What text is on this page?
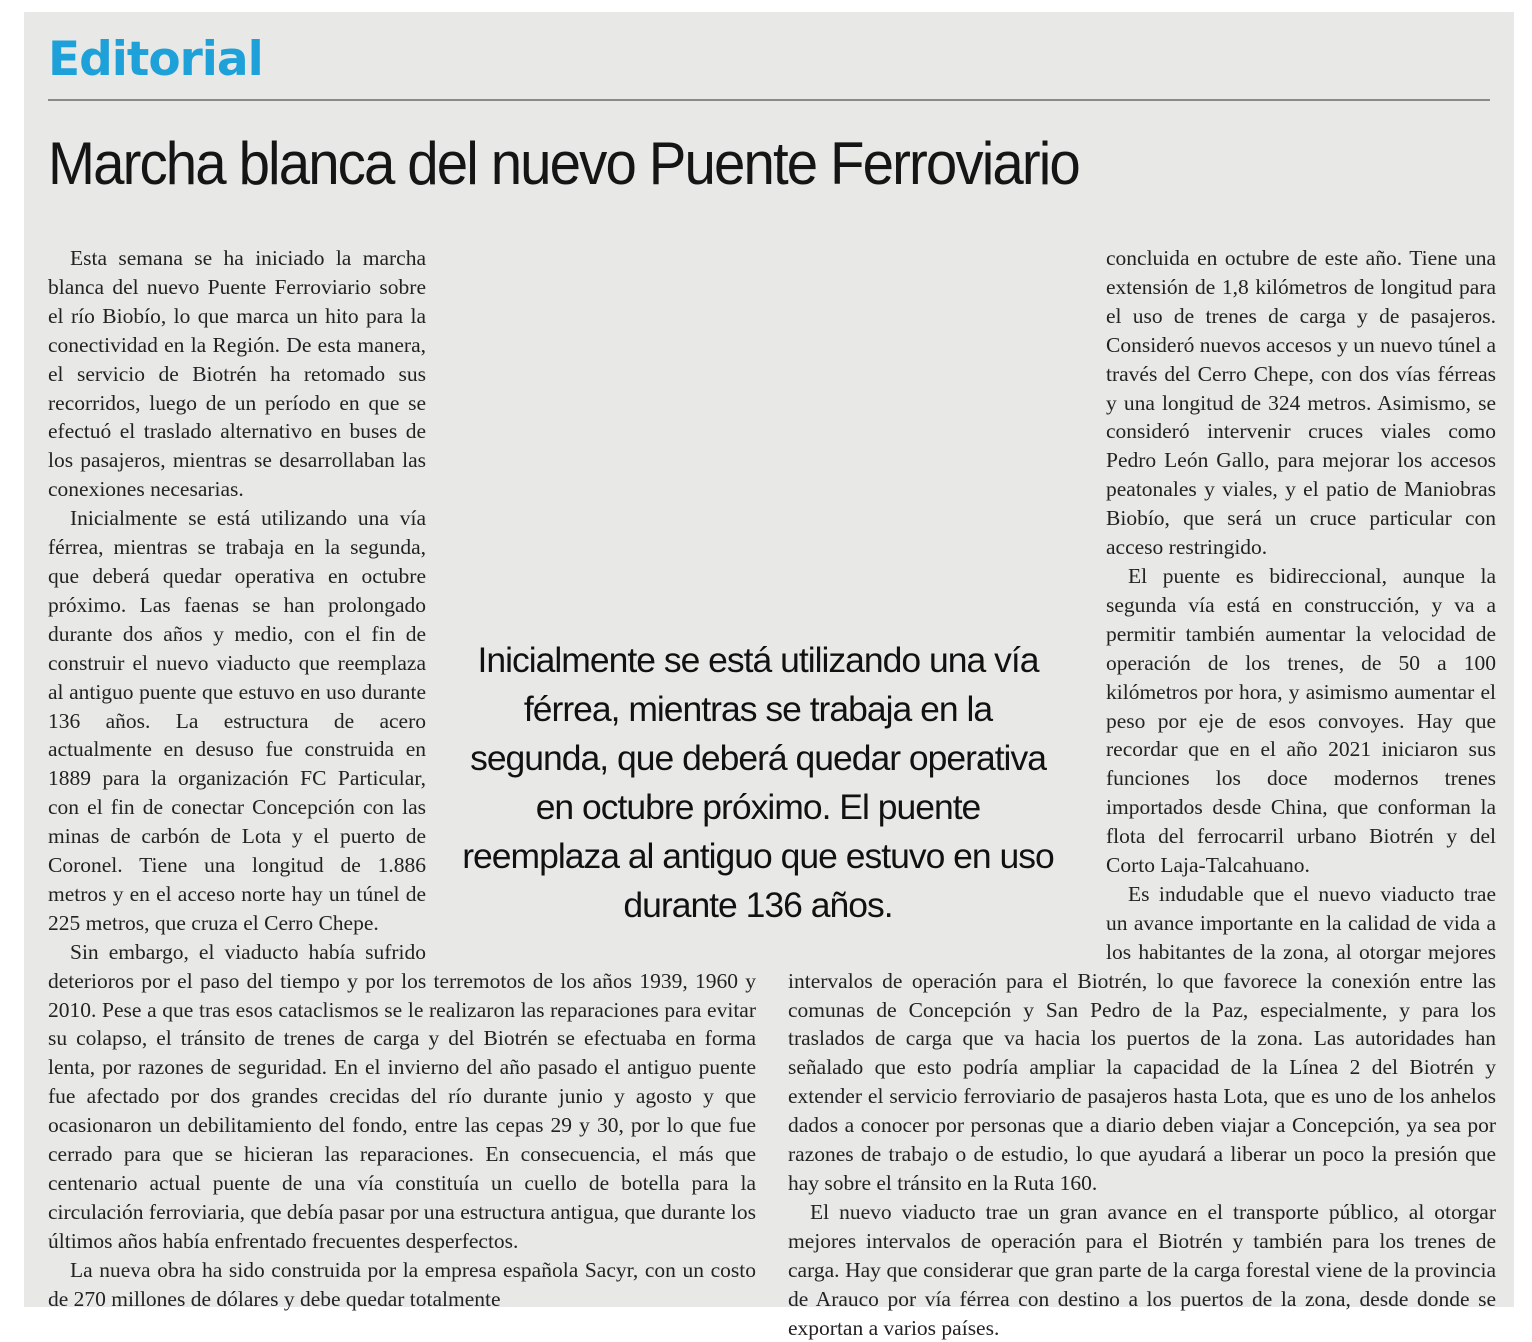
Editorial
Marcha blanca del nuevo Puente Ferroviario

Esta semana se ha iniciado la marcha blanca del nuevo Puente Ferroviario sobre el río Biobío, lo que marca un hito para la conectividad en la Región. De esta manera, el servicio de Biotrén ha retomado sus recorridos, luego de un período en que se efectuó el traslado alternativo en buses de los pasajeros, mientras se desarrollaban las conexiones necesarias.

Inicialmente se está utilizando una vía férrea, mientras se trabaja en la segunda, que deberá quedar operativa en octubre próximo. Las faenas se han prolongado durante dos años y medio, con el fin de construir el nuevo viaducto que reemplaza al antiguo puente que estuvo en uso durante 136 años. La estructura de acero actualmente en desuso fue construida en 1889 para la organización FC Particular, con el fin de conectar Concepción con las minas de carbón de Lota y el puerto de Coronel. Tiene una longitud de 1.886 metros y en el acceso norte hay un túnel de 225 metros, que cruza el Cerro Chepe.

Sin embargo, el viaducto había sufrido deterioros por el paso del tiempo y por los terremotos de los años 1939, 1960 y 2010. Pese a que tras esos cataclismos se le realizaron las reparaciones para evitar su colapso, el tránsito de trenes de carga y del Biotrén se efectuaba en forma lenta, por razones de seguridad. En el invierno del año pasado el antiguo puente fue afectado por dos grandes crecidas del río durante junio y agosto y que ocasionaron un debilitamiento del fondo, entre las cepas 29 y 30, por lo que fue cerrado para que se hicieran las reparaciones. En consecuencia, el más que centenario actual puente de una vía constituía un cuello de botella para la circulación ferroviaria, que debía pasar por una estructura antigua, que durante los últimos años había enfrentado frecuentes desperfectos.

La nueva obra ha sido construida por la empresa española Sacyr, con un costo de 270 millones de dólares y debe quedar totalmente

concluida en octubre de este año. Tiene una extensión de 1,8 kilómetros de longitud para el uso de trenes de carga y de pasajeros. Consideró nuevos accesos y un nuevo túnel a través del Cerro Chepe, con dos vías férreas y una longitud de 324 metros. Asimismo, se consideró intervenir cruces viales como Pedro León Gallo, para mejorar los accesos peatonales y viales, y el patio de Maniobras Biobío, que será un cruce particular con acceso restringido.

El puente es bidireccional, aunque la segunda vía está en construcción, y va a permitir también aumentar la velocidad de operación de los trenes, de 50 a 100 kilómetros por hora, y asimismo aumentar el peso por eje de esos convoyes. Hay que recordar que en el año 2021 iniciaron sus funciones los doce modernos trenes importados desde China, que conforman la flota del ferrocarril urbano Biotrén y del Corto Laja-Talcahuano.

Es indudable que el nuevo viaducto trae un avance importante en la calidad de vida a los habitantes de la zona, al otorgar mejores intervalos de operación para el Biotrén, lo que favorece la conexión entre las comunas de Concepción y San Pedro de la Paz, especialmente, y para los traslados de carga que va hacia los puertos de la zona. Las autoridades han señalado que esto podría ampliar la capacidad de la Línea 2 del Biotrén y extender el servicio ferroviario de pasajeros hasta Lota, que es uno de los anhelos dados a conocer por personas que a diario deben viajar a Concepción, ya sea por razones de trabajo o de estudio, lo que ayudará a liberar un poco la presión que hay sobre el tránsito en la Ruta 160.

El nuevo viaducto trae un gran avance en el transporte público, al otorgar mejores intervalos de operación para el Biotrén y también para los trenes de carga. Hay que considerar que gran parte de la carga forestal viene de la provincia de Arauco por vía férrea con destino a los puertos de la zona, desde donde se exportan a varios países.

Inicialmente se está utilizando una vía férrea, mientras se trabaja en la segunda, que deberá quedar operativa en octubre próximo. El puente reemplaza al antiguo que estuvo en uso durante 136 años.
